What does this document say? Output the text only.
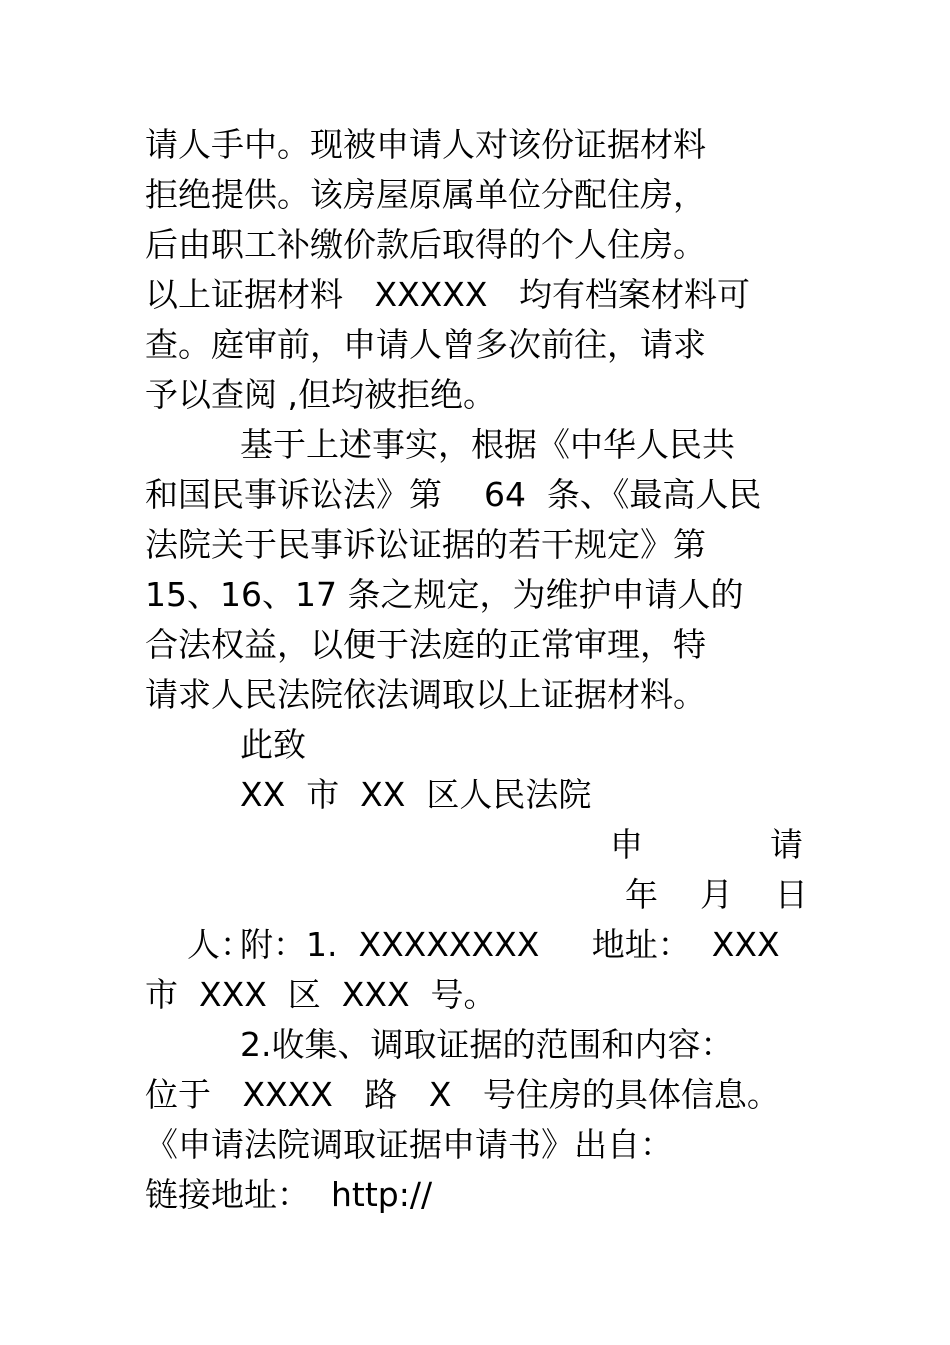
请人手中。现被申请人对该份证据材料
拒绝提供。该房屋原属单位分配住房，
后由职工补缴价款后取得的个人住房。
以上证据材料   XXXXX   均有档案材料可
查。庭审前，申请人曾多次前往，请求
予以查阅 ,但均被拒绝。
基于上述事实，根据《中华人民共
和国民事诉讼法》第    64  条、《最高人民
法院关于民事诉讼证据的若干规定》第
15、16、17 条之规定，为维护申请人的
合法权益，以便于法庭的正常审理，特
请求人民法院依法调取以上证据材料。
此致
XX  市  XX  区人民法院

申

	请

人：

年    月    日

附：1.  XXXXXXXX     地址：  XXX
市  XXX  区  XXX  号。
2.收集、调取证据的范围和内容：
位于   XXXX   路   X   号住房的具体信息。
《申请法院调取证据申请书》出自：
链接地址：  http://
